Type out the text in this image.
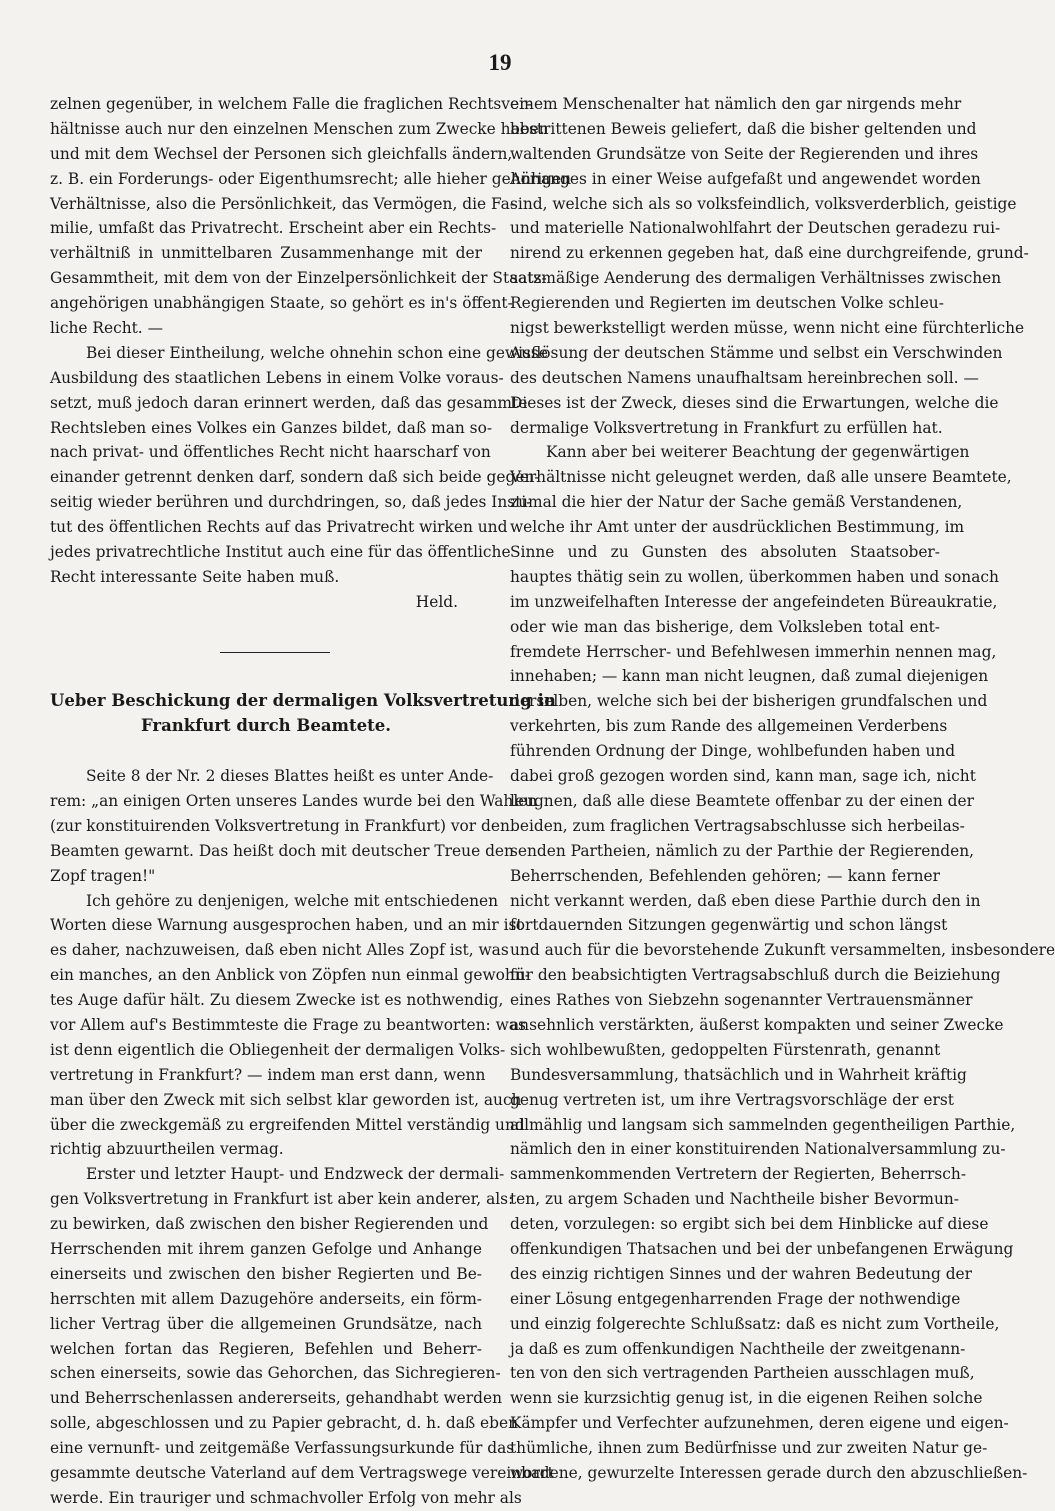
19
zelnen gegenüber, in welchem Falle die fraglichen Rechtsver-
hältnisse auch nur den einzelnen Menschen zum Zwecke haben
und mit dem Wechsel der Personen sich gleichfalls ändern,
z. B. ein Forderungs- oder Eigenthumsrecht; alle hieher gehörigen
Verhältnisse, also die Persönlichkeit, das Vermögen, die Fa-
milie, umfaßt das Privatrecht. Erscheint aber ein Rechts-
verhältniß in unmittelbaren Zusammenhange mit der
Gesammtheit, mit dem von der Einzelpersönlichkeit der Staats-
angehörigen unabhängigen Staate, so gehört es in's öffent-
liche Recht. —
Bei dieser Eintheilung, welche ohnehin schon eine gewisse
Ausbildung des staatlichen Lebens in einem Volke voraus-
setzt, muß jedoch daran erinnert werden, daß das gesammte
Rechtsleben eines Volkes ein Ganzes bildet, daß man so-
nach privat- und öffentliches Recht nicht haarscharf von
einander getrennt denken darf, sondern daß sich beide gegen-
seitig wieder berühren und durchdringen, so, daß jedes Insti-
tut des öffentlichen Rechts auf das Privatrecht wirken und
jedes privatrechtliche Institut auch eine für das öffentliche
Recht interessante Seite haben muß.
Held.
Ueber Beschickung der dermaligen Volksvertretung in
Frankfurt durch Beamtete.
Seite 8 der Nr. 2 dieses Blattes heißt es unter Ande-
rem: „an einigen Orten unseres Landes wurde bei den Wahlen
(zur konstituirenden Volksvertretung in Frankfurt) vor den
Beamten gewarnt. Das heißt doch mit deutscher Treue den
Zopf tragen!"
Ich gehöre zu denjenigen, welche mit entschiedenen
Worten diese Warnung ausgesprochen haben, und an mir ist
es daher, nachzuweisen, daß eben nicht Alles Zopf ist, was
ein manches, an den Anblick von Zöpfen nun einmal gewohn-
tes Auge dafür hält. Zu diesem Zwecke ist es nothwendig,
vor Allem auf's Bestimmteste die Frage zu beantworten: was
ist denn eigentlich die Obliegenheit der dermaligen Volks-
vertretung in Frankfurt? — indem man erst dann, wenn
man über den Zweck mit sich selbst klar geworden ist, auch
über die zweckgemäß zu ergreifenden Mittel verständig und
richtig abzuurtheilen vermag.
Erster und letzter Haupt- und Endzweck der dermali-
gen Volksvertretung in Frankfurt ist aber kein anderer, als:
zu bewirken, daß zwischen den bisher Regierenden und
Herrschenden mit ihrem ganzen Gefolge und Anhange
einerseits und zwischen den bisher Regierten und Be-
herrschten mit allem Dazugehöre anderseits, ein förm-
licher Vertrag über die allgemeinen Grundsätze, nach
welchen fortan das Regieren, Befehlen und Beherr-
schen einerseits, sowie das Gehorchen, das Sichregieren-
und Beherrschenlassen andererseits, gehandhabt werden
solle, abgeschlossen und zu Papier gebracht, d. h. daß eben
eine vernunft- und zeitgemäße Verfassungsurkunde für das
gesammte deutsche Vaterland auf dem Vertragswege vereinbart
werde. Ein trauriger und schmachvoller Erfolg von mehr als
einem Menschenalter hat nämlich den gar nirgends mehr
bestrittenen Beweis geliefert, daß die bisher geltenden und
waltenden Grundsätze von Seite der Regierenden und ihres
Anhanges in einer Weise aufgefaßt und angewendet worden
sind, welche sich als so volksfeindlich, volksverderblich, geistige
und materielle Nationalwohlfahrt der Deutschen geradezu rui-
nirend zu erkennen gegeben hat, daß eine durchgreifende, grund-
satzmäßige Aenderung des dermaligen Verhältnisses zwischen
Regierenden und Regierten im deutschen Volke schleu-
nigst bewerkstelligt werden müsse, wenn nicht eine fürchterliche
Auflösung der deutschen Stämme und selbst ein Verschwinden
des deutschen Namens unaufhaltsam hereinbrechen soll. —
Dieses ist der Zweck, dieses sind die Erwartungen, welche die
dermalige Volksvertretung in Frankfurt zu erfüllen hat.
Kann aber bei weiterer Beachtung der gegenwärtigen
Verhältnisse nicht geleugnet werden, daß alle unsere Beamtete,
zumal die hier der Natur der Sache gemäß Verstandenen,
welche ihr Amt unter der ausdrücklichen Bestimmung, im
Sinne und zu Gunsten des absoluten Staatsober-
hauptes thätig sein zu wollen, überkommen haben und sonach
im unzweifelhaften Interesse der angefeindeten Büreaukratie,
oder wie man das bisherige, dem Volksleben total ent-
fremdete Herrscher- und Befehlwesen immerhin nennen mag,
innehaben; — kann man nicht leugnen, daß zumal diejenigen
derselben, welche sich bei der bisherigen grundfalschen und
verkehrten, bis zum Rande des allgemeinen Verderbens
führenden Ordnung der Dinge, wohlbefunden haben und
dabei groß gezogen worden sind, kann man, sage ich, nicht
leugnen, daß alle diese Beamtete offenbar zu der einen der
beiden, zum fraglichen Vertragsabschlusse sich herbeilas-
senden Partheien, nämlich zu der Parthie der Regierenden,
Beherrschenden, Befehlenden gehören; — kann ferner
nicht verkannt werden, daß eben diese Parthie durch den in
fortdauernden Sitzungen gegenwärtig und schon längst
und auch für die bevorstehende Zukunft versammelten, insbesondere
für den beabsichtigten Vertragsabschluß durch die Beiziehung
eines Rathes von Siebzehn sogenannter Vertrauensmänner
ansehnlich verstärkten, äußerst kompakten und seiner Zwecke
sich wohlbewußten, gedoppelten Fürstenrath, genannt
Bundesversammlung, thatsächlich und in Wahrheit kräftig
genug vertreten ist, um ihre Vertragsvorschläge der erst
allmählig und langsam sich sammelnden gegentheiligen Parthie,
nämlich den in einer konstituirenden Nationalversammlung zu-
sammenkommenden Vertretern der Regierten, Beherrsch-
ten, zu argem Schaden und Nachtheile bisher Bevormun-
deten, vorzulegen: so ergibt sich bei dem Hinblicke auf diese
offenkundigen Thatsachen und bei der unbefangenen Erwägung
des einzig richtigen Sinnes und der wahren Bedeutung der
einer Lösung entgegenharrenden Frage der nothwendige
und einzig folgerechte Schlußsatz: daß es nicht zum Vortheile,
ja daß es zum offenkundigen Nachtheile der zweitgenann-
ten von den sich vertragenden Partheien ausschlagen muß,
wenn sie kurzsichtig genug ist, in die eigenen Reihen solche
Kämpfer und Verfechter aufzunehmen, deren eigene und eigen-
thümliche, ihnen zum Bedürfnisse und zur zweiten Natur ge-
wordene, gewurzelte Interessen gerade durch den abzuschließen-
